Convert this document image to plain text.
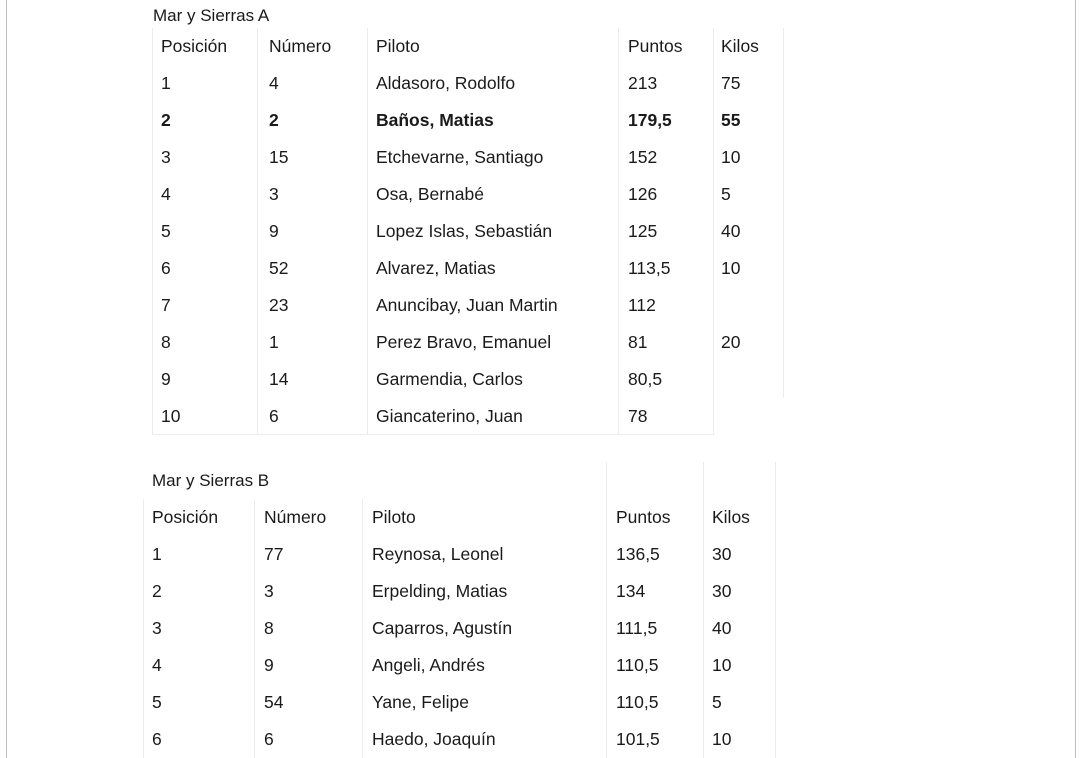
Mar y Sierras A
Posición Número	Piloto	Puntos Kilos
1	4	Aldasoro, Rodolfo	213	75
2	2	Baños, Matias	179,5	55
3	15	Etchevarne, Santiago	152	10
4	3	Osa, Bernabé	126	5
5	9	Lopez Islas, Sebastián	125	40
6	52	Alvarez, Matias	113,5	10
7	23	Anuncibay, Juan Martin	112
8	1	Perez Bravo, Emanuel	81	20
9	14	Garmendia, Carlos	80,5
10	6	Giancaterino, Juan	78
Mar y Sierras B
Posición	Número	Piloto	Puntos Kilos
1	77	Reynosa, Leonel	136,5	30
2	3	Erpelding, Matias	134	30
3	8	Caparros, Agustín	111,5	40
4	9	Angeli, Andrés	110,5	10
5	54	Yane, Felipe	110,5	5
6	6	Haedo, Joaquín	101,5	10
